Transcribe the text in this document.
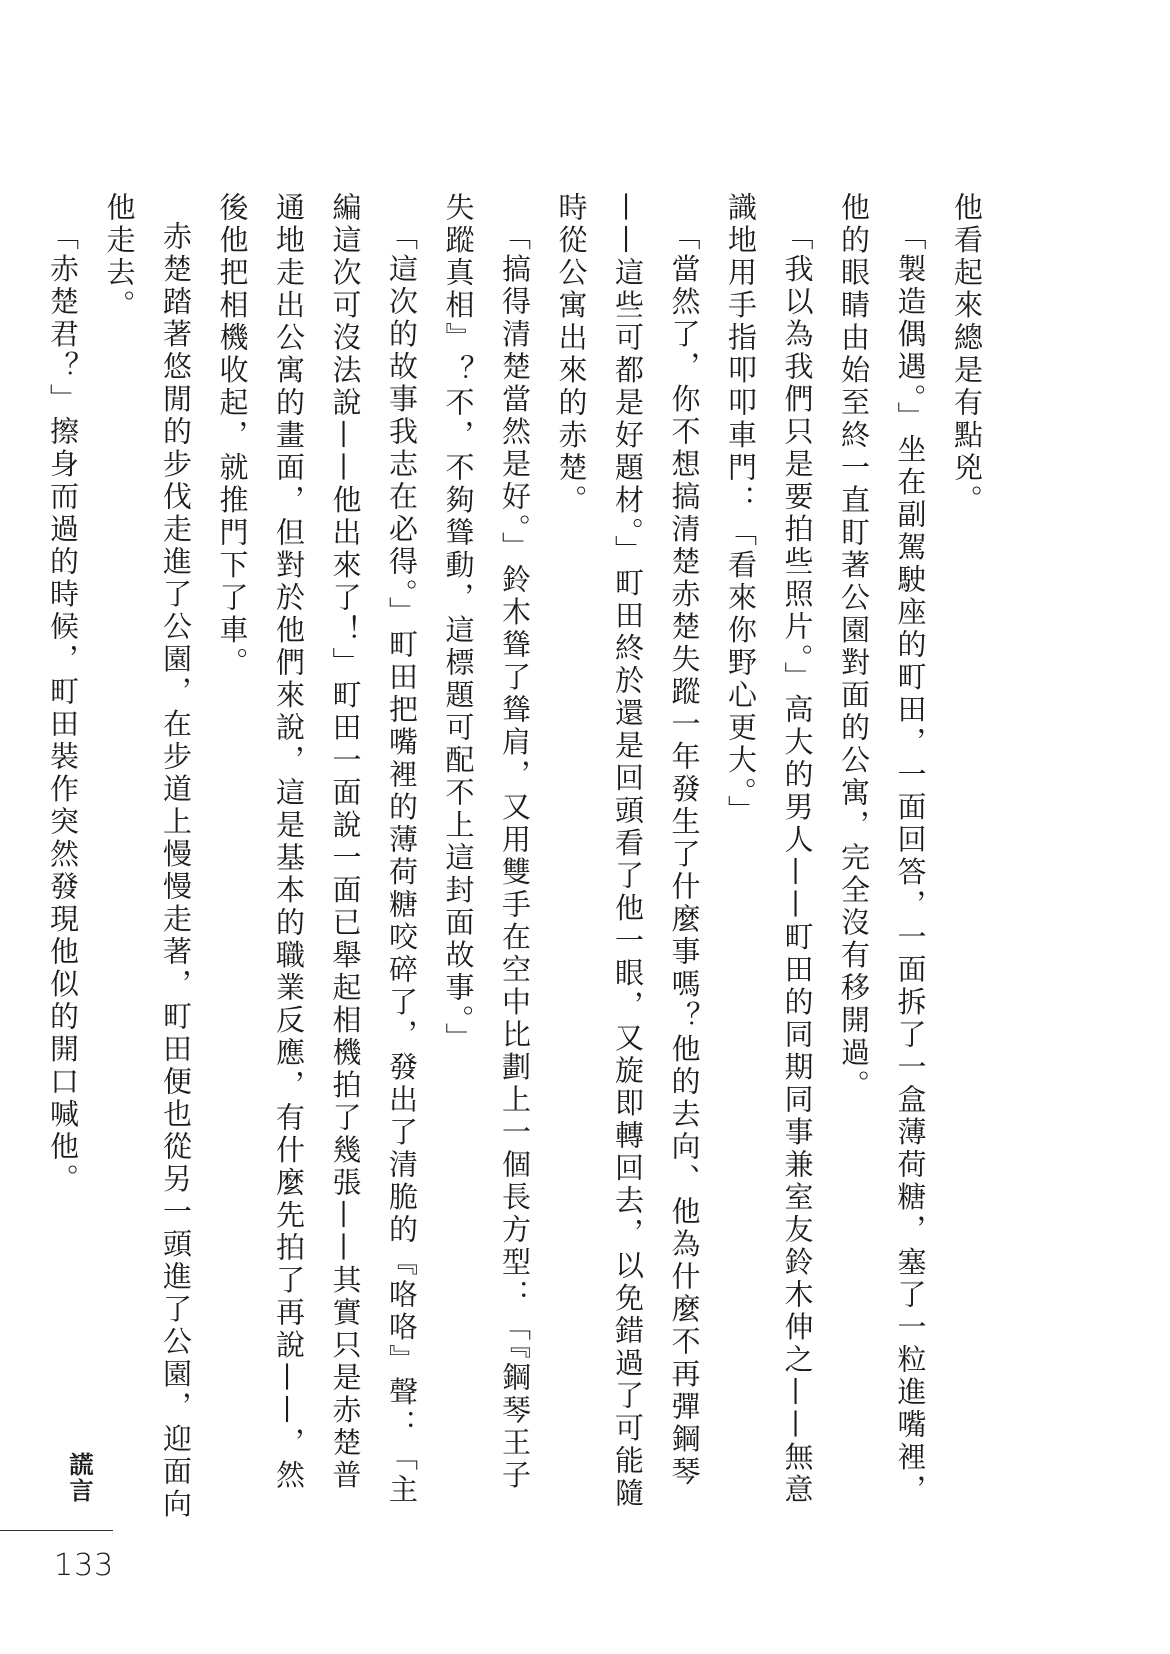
他看起來總是有點兇。

「製造偶遇。」坐在副駕駛座的町田，一面回答，一面拆了一盒薄荷糖，塞了一粒進嘴裡，他的眼睛由始至終一直盯著公園對面的公寓，完全沒有移開過。

「我以為我們只是要拍些照片。」高大的男人——町田的同期同事兼室友鈴木伸之——無意識地用手指叩叩車門：「看來你野心更大。」

「當然了，你不想搞清楚赤楚失蹤一年發生了什麼事嗎？他的去向、他為什麼不再彈鋼琴——這些可都是好題材。」町田終於還是回頭看了他一眼，又旋即轉回去，以免錯過了可能隨時從公寓出來的赤楚。

「搞得清楚當然是好。」鈴木聳了聳肩，又用雙手在空中比劃上一個長方型：「『鋼琴王子失蹤真相』？不，不夠聳動，這標題可配不上這封面故事。」

「這次的故事我志在必得。」町田把嘴裡的薄荷糖咬碎了，發出了清脆的『咯咯』聲：「主編這次可沒法說——他出來了！」町田一面說一面已舉起相機拍了幾張——其實只是赤楚普通地走出公寓的畫面，但對於他們來說，這是基本的職業反應，有什麼先拍了再說——，然後他把相機收起，就推門下了車。

赤楚踏著悠閒的步伐走進了公園，在步道上慢慢走著，町田便也從另一頭進了公園，迎面向他走去。

「赤楚君？」擦身而過的時候，町田裝作突然發現他似的開口喊他。

謊言
133
